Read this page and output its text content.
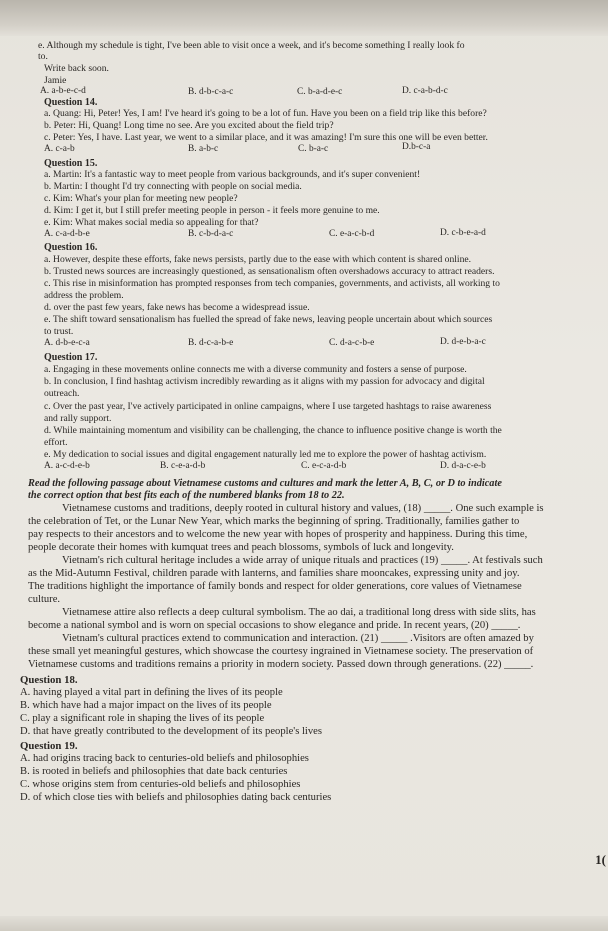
e. Although my schedule is tight, I've been able to visit once a week, and it's become something I really look fo
to.
Write back soon.
Jamie
A. a-b-e-c-d	B. d-b-c-a-c	C. b-a-d-e-c	D. c-a-b-d-c
Question 14.
a. Quang: Hi, Peter! Yes, I am! I've heard it's going to be a lot of fun. Have you been on a field trip like this before?
b. Peter: Hi, Quang! Long time no see. Are you excited about the field trip?
c. Peter: Yes, I have. Last year, we went to a similar place, and it was amazing! I'm sure this one will be even better.
A. c-a-b	B. a-b-c	C. b-a-c	D.b-c-a
Question 15.
a. Martin: It's a fantastic way to meet people from various backgrounds, and it's super convenient!
b. Martin: I thought I'd try connecting with people on social media.
c. Kim: What's your plan for meeting new people?
d. Kim: I get it, but I still prefer meeting people in person - it feels more genuine to me.
e. Kim: What makes social media so appealing for that?
A. c-a-d-b-e	B. c-b-d-a-c	C. e-a-c-b-d	D. c-b-e-a-d
Question 16.
a. However, despite these efforts, fake news persists, partly due to the ease with which content is shared online.
b. Trusted news sources are increasingly questioned, as sensationalism often overshadows accuracy to attract readers.
c. This rise in misinformation has prompted responses from tech companies, governments, and activists, all working to
address the problem.
d. over the past few years, fake news has become a widespread issue.
e. The shift toward sensationalism has fuelled the spread of fake news, leaving people uncertain about which sources
to trust.
A. d-b-e-c-a	B. d-c-a-b-e	C. d-a-c-b-e	D. d-e-b-a-c
Question 17.
a. Engaging in these movements online connects me with a diverse community and fosters a sense of purpose.
b. In conclusion, I find hashtag activism incredibly rewarding as it aligns with my passion for advocacy and digital
outreach.
c. Over the past year, I've actively participated in online campaigns, where I use targeted hashtags to raise awareness
and rally support.
d. While maintaining momentum and visibility can be challenging, the chance to influence positive change is worth the
effort.
e. My dedication to social issues and digital engagement naturally led me to explore the power of hashtag activism.
A. a-c-d-e-b	B. c-e-a-d-b	C. e-c-a-d-b	D. d-a-c-e-b
Read the following passage about Vietnamese customs and cultures and mark the letter A, B, C, or D to indicate
the correct option that best fits each of the numbered blanks from 18 to 22.
Vietnamese customs and traditions, deeply rooted in cultural history and values, (18) _____. One such example is
the celebration of Tet, or the Lunar New Year, which marks the beginning of spring. Traditionally, families gather to
pay respects to their ancestors and to welcome the new year with hopes of prosperity and happiness. During this time,
people decorate their homes with kumquat trees and peach blossoms, symbols of luck and longevity.
Vietnam's rich cultural heritage includes a wide array of unique rituals and practices (19) _____. At festivals such
as the Mid-Autumn Festival, children parade with lanterns, and families share mooncakes, expressing unity and joy.
The traditions highlight the importance of family bonds and respect for older generations, core values of Vietnamese
culture.
Vietnamese attire also reflects a deep cultural symbolism. The ao dai, a traditional long dress with side slits, has
become a national symbol and is worn on special occasions to show elegance and pride. In recent years, (20) _____.
Vietnam's cultural practices extend to communication and interaction. (21) _____ .Visitors are often amazed by
these small yet meaningful gestures, which showcase the courtesy ingrained in Vietnamese society. The preservation of
Vietnamese customs and traditions remains a priority in modern society. Passed down through generations. (22) _____.
Question 18.
A. having played a vital part in defining the lives of its people
B. which have had a major impact on the lives of its people
C. play a significant role in shaping the lives of its people
D. that have greatly contributed to the development of its people's lives
Question 19.
A. had origins tracing back to centuries-old beliefs and philosophies
B. is rooted in beliefs and philosophies that date back centuries
C. whose origins stem from centuries-old beliefs and philosophies
D. of which close ties with beliefs and philosophies dating back centuries
1(
